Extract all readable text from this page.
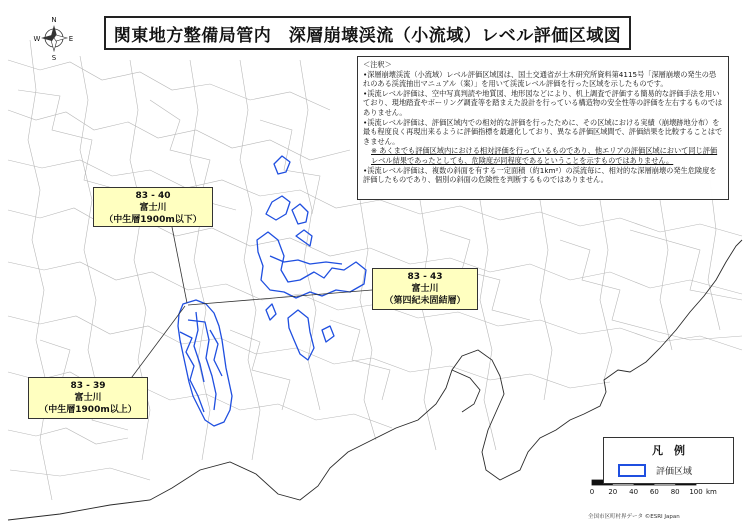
N
S
E
W	関東地方整備局管内　深層崩壊渓流（小流域）レベル評価区域図
＜注釈＞
•深層崩壊渓流（小流域）レベル評価区域図は、国土交通省が土木研究所資料第4115号「深層崩壊の発生の恐れのある渓流抽出マニュアル（案）」を用いて渓流レベル評価を行った区域を示したものです。
•渓流レベル評価は、空中写真判読や地質図、地形図などにより、机上調査で評価する簡易的な評価手法を用いており、現地踏査やボーリング調査等を踏まえた設計を行っている構造物の安全性等の評価を左右するものではありません。
•渓流レベル評価は、評価区域内での相対的な評価を行ったために、その区域における実績（崩壊跡地分布）を最も程度良く再現出来るように評価指標を最適化しており、異なる評価区域間で、評価結果を比較することはできません。
※ あくまでも評価区域内における相対評価を行っているものであり、他エリアの評価区域において同じ評価レベル結果であったとしても、危険度が同程度であるということを示すものではありません。
•渓流レベル評価は、複数の斜面を有する一定面積（約1km²）の渓流毎に、相対的な深層崩壊の発生危険度を評価したものであり、個別の斜面の危険性を判断するものではありません。
83 - 40
富士川
（中生層1900m以下）
83 - 43
富士川
（第四紀未固結層）
83 - 39
富士川
（中生層1900m以上）
凡　例
評価区域
0	20	40	60	80	100 km
全国市区町村界データ ©ESRI Japan
